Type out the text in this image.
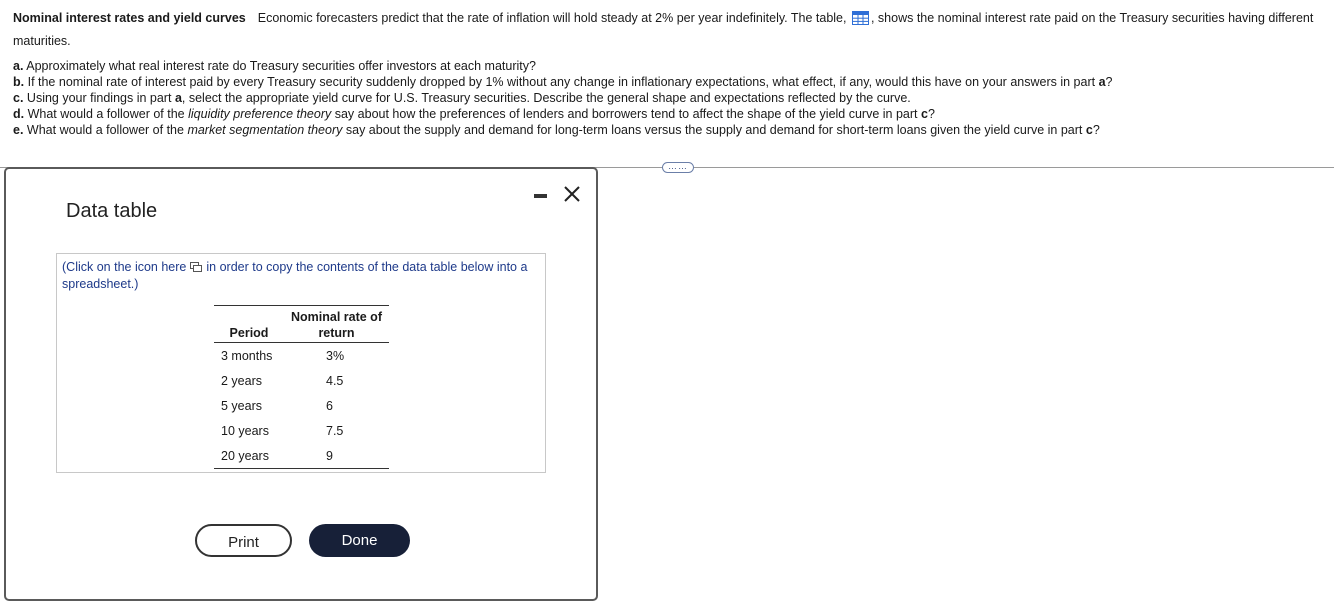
Nominal interest rates and yield curves Economic forecasters predict that the rate of inflation will hold steady at 2% per year indefinitely. The table, , shows the nominal interest rate paid on the Treasury securities having different maturities.
a. Approximately what real interest rate do Treasury securities offer investors at each maturity?
b. If the nominal rate of interest paid by every Treasury security suddenly dropped by 1% without any change in inflationary expectations, what effect, if any, would this have on your answers in part a?
c. Using your findings in part a, select the appropriate yield curve for U.S. Treasury securities. Describe the general shape and expectations reflected by the curve.
d. What would a follower of the liquidity preference theory say about how the preferences of lenders and borrowers tend to affect the shape of the yield curve in part c?
e. What would a follower of the market segmentation theory say about the supply and demand for long-term loans versus the supply and demand for short-term loans given the yield curve in part c?
……
Data table
(Click on the icon here in order to copy the contents of the data table below into a spreadsheet.)
Period	Nominal rate of return
3 months	3%
2 years	4.5
5 years	6
10 years	7.5
20 years	9
Print	Done
